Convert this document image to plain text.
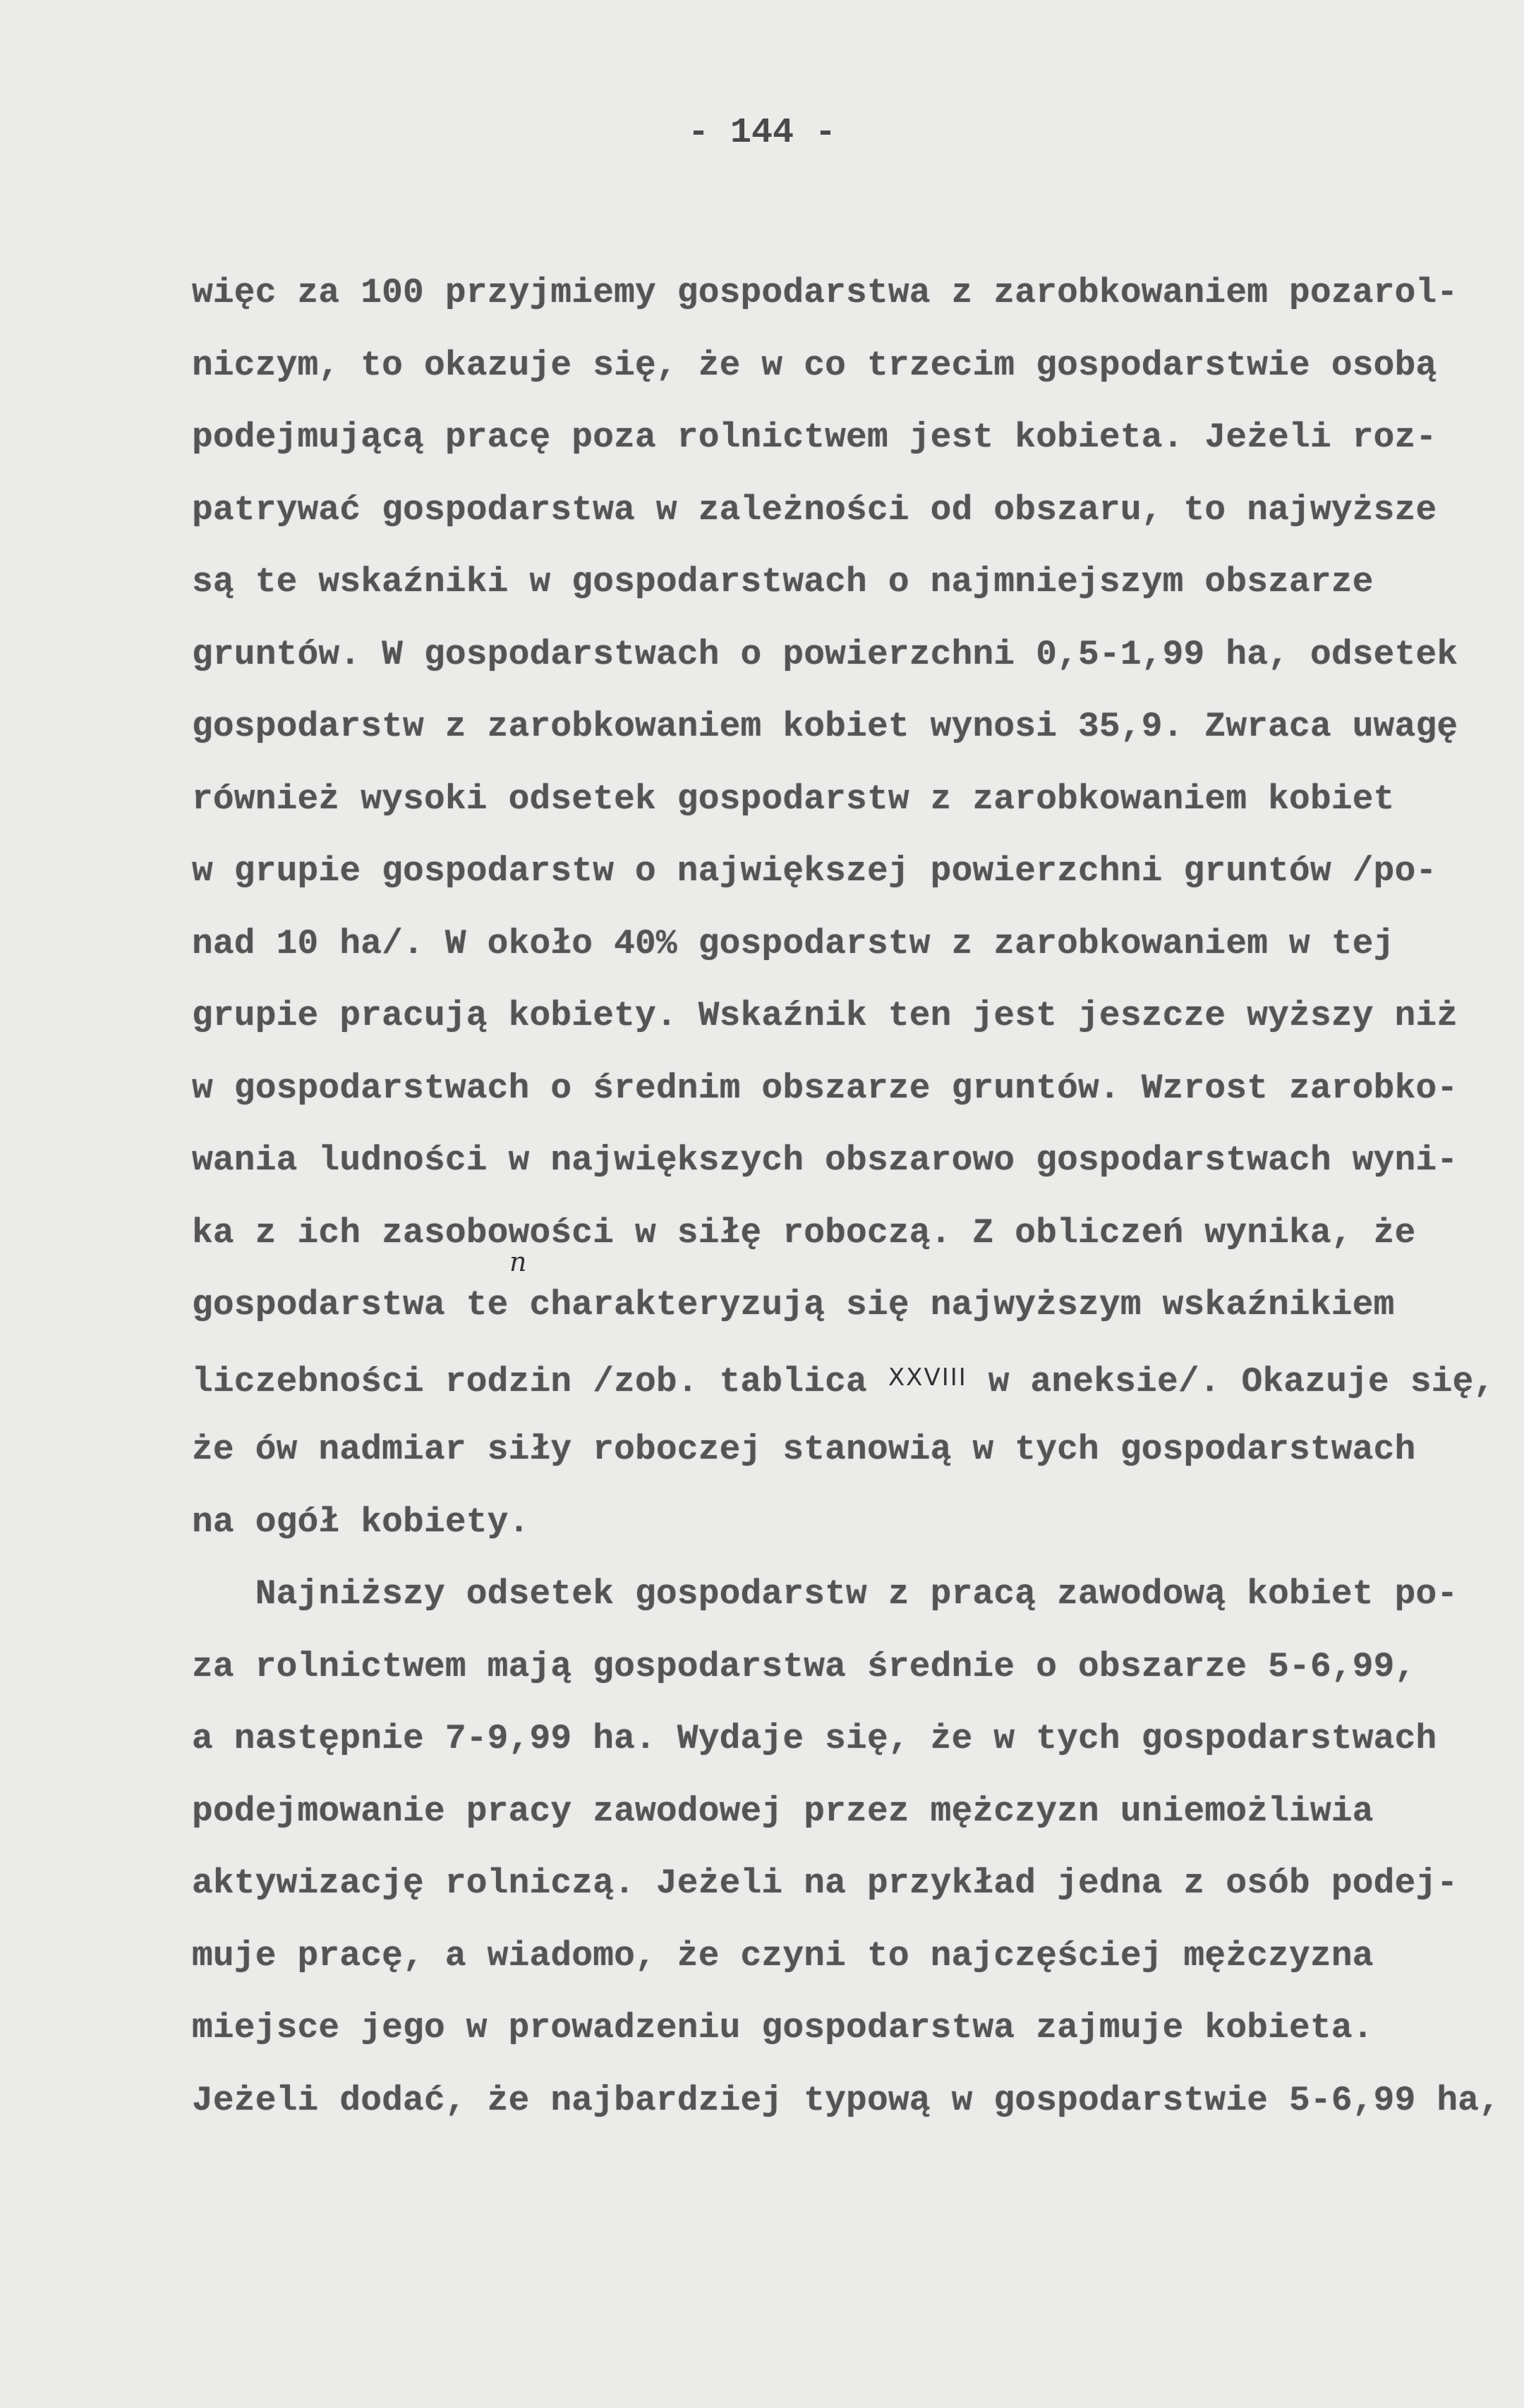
- 144 -
więc za 100 przyjmiemy gospodarstwa z zarobkowaniem pozarol-
niczym, to okazuje się, że w co trzecim gospodarstwie osobą
podejmującą pracę poza rolnictwem jest kobieta. Jeżeli roz-
patrywać gospodarstwa w zależności od obszaru, to najwyższe
są te wskaźniki w gospodarstwach o najmniejszym obszarze
gruntów. W gospodarstwach o powierzchni 0,5-1,99 ha, odsetek
gospodarstw z zarobkowaniem kobiet wynosi 35,9. Zwraca uwagę
również wysoki odsetek gospodarstw z zarobkowaniem kobiet
w grupie gospodarstw o największej powierzchni gruntów /po-
nad 10 ha/. W około 40% gospodarstw z zarobkowaniem w tej
grupie pracują kobiety. Wskaźnik ten jest jeszcze wyższy niż
w gospodarstwach o średnim obszarze gruntów. Wzrost zarobko-
wania ludności w największych obszarowo gospodarstwach wyni-
ka z ich zasobowości w siłę roboczą. Z obliczeń wynika, że
gospodarstwa te charakteryzują się najwyższym wskaźnikiem
liczebności rodzin /zob. tablica XXVIII w aneksie/. Okazuje się,
że ów nadmiar siły roboczej stanowią w tych gospodarstwach
na ogół kobiety.
Najniższy odsetek gospodarstw z pracą zawodową kobiet po-
za rolnictwem mają gospodarstwa średnie o obszarze 5-6,99,
a następnie 7-9,99 ha. Wydaje się, że w tych gospodarstwach
podejmowanie pracy zawodowej przez mężczyzn uniemożliwia
aktywizację rolniczą. Jeżeli na przykład jedna z osób podej-
muje pracę, a wiadomo, że czyni to najczęściej mężczyzna
miejsce jego w prowadzeniu gospodarstwa zajmuje kobieta.
Jeżeli dodać, że najbardziej typową w gospodarstwie 5-6,99 ha,
n
